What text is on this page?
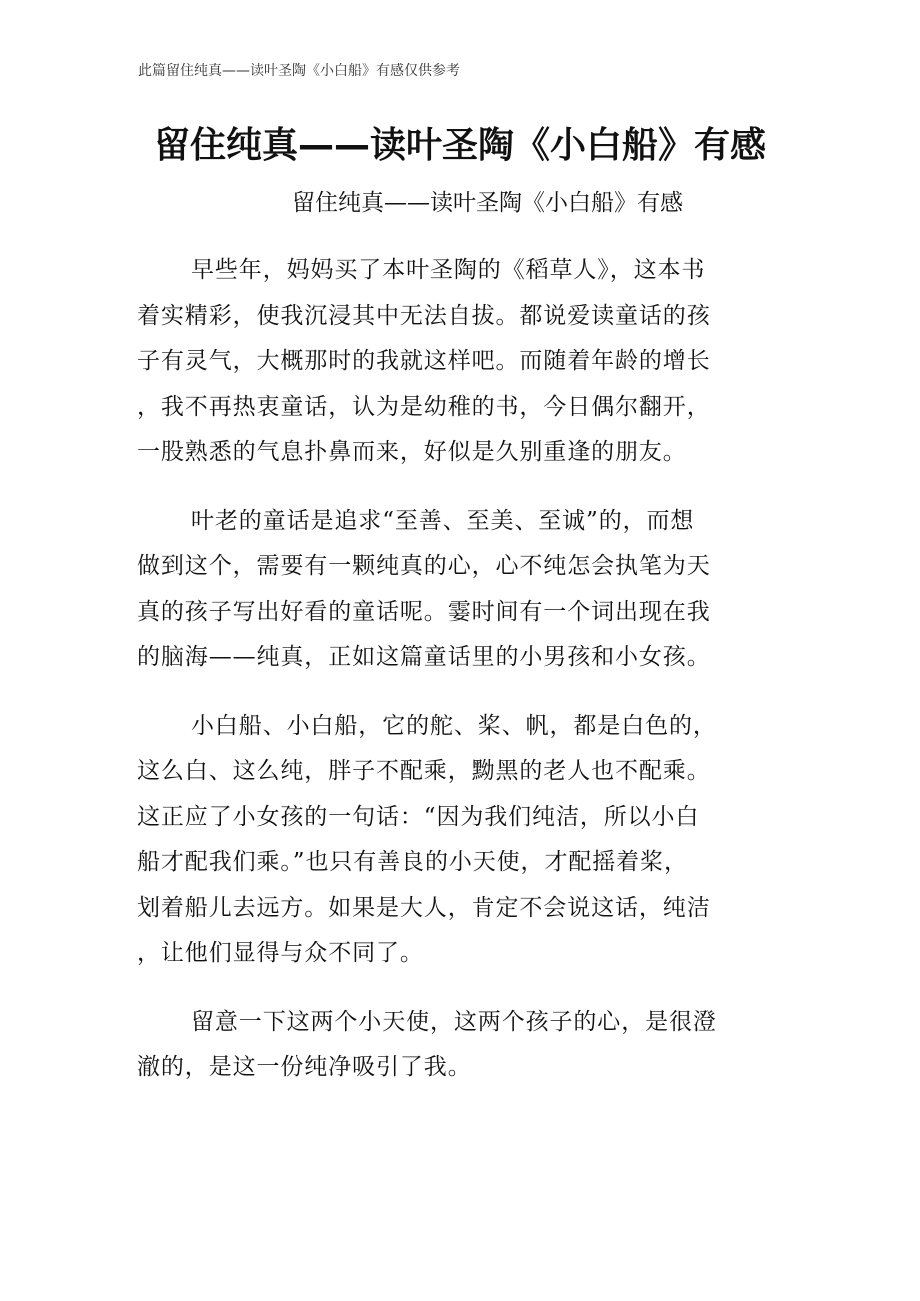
此篇留住纯真——读叶圣陶《小白船》有感仅供参考
留住纯真——读叶圣陶《小白船》有感
留住纯真——读叶圣陶《小白船》有感

早些年，妈妈买了本叶圣陶的《稻草人》，这本书
着实精彩，使我沉浸其中无法自拔。都说爱读童话的孩
子有灵气，大概那时的我就这样吧。而随着年龄的增长
，我不再热衷童话，认为是幼稚的书，今日偶尔翻开，
一股熟悉的气息扑鼻而来，好似是久别重逢的朋友。

叶老的童话是追求“至善、至美、至诚”的，而想
做到这个，需要有一颗纯真的心，心不纯怎会执笔为天
真的孩子写出好看的童话呢。霎时间有一个词出现在我
的脑海——纯真，正如这篇童话里的小男孩和小女孩。

小白船、小白船，它的舵、桨、帆，都是白色的，
这么白、这么纯，胖子不配乘，黝黑的老人也不配乘。
这正应了小女孩的一句话：“因为我们纯洁，所以小白
船才配我们乘。”也只有善良的小天使，才配摇着桨，
划着船儿去远方。如果是大人，肯定不会说这话，纯洁
，让他们显得与众不同了。

留意一下这两个小天使，这两个孩子的心，是很澄
澈的，是这一份纯净吸引了我。
